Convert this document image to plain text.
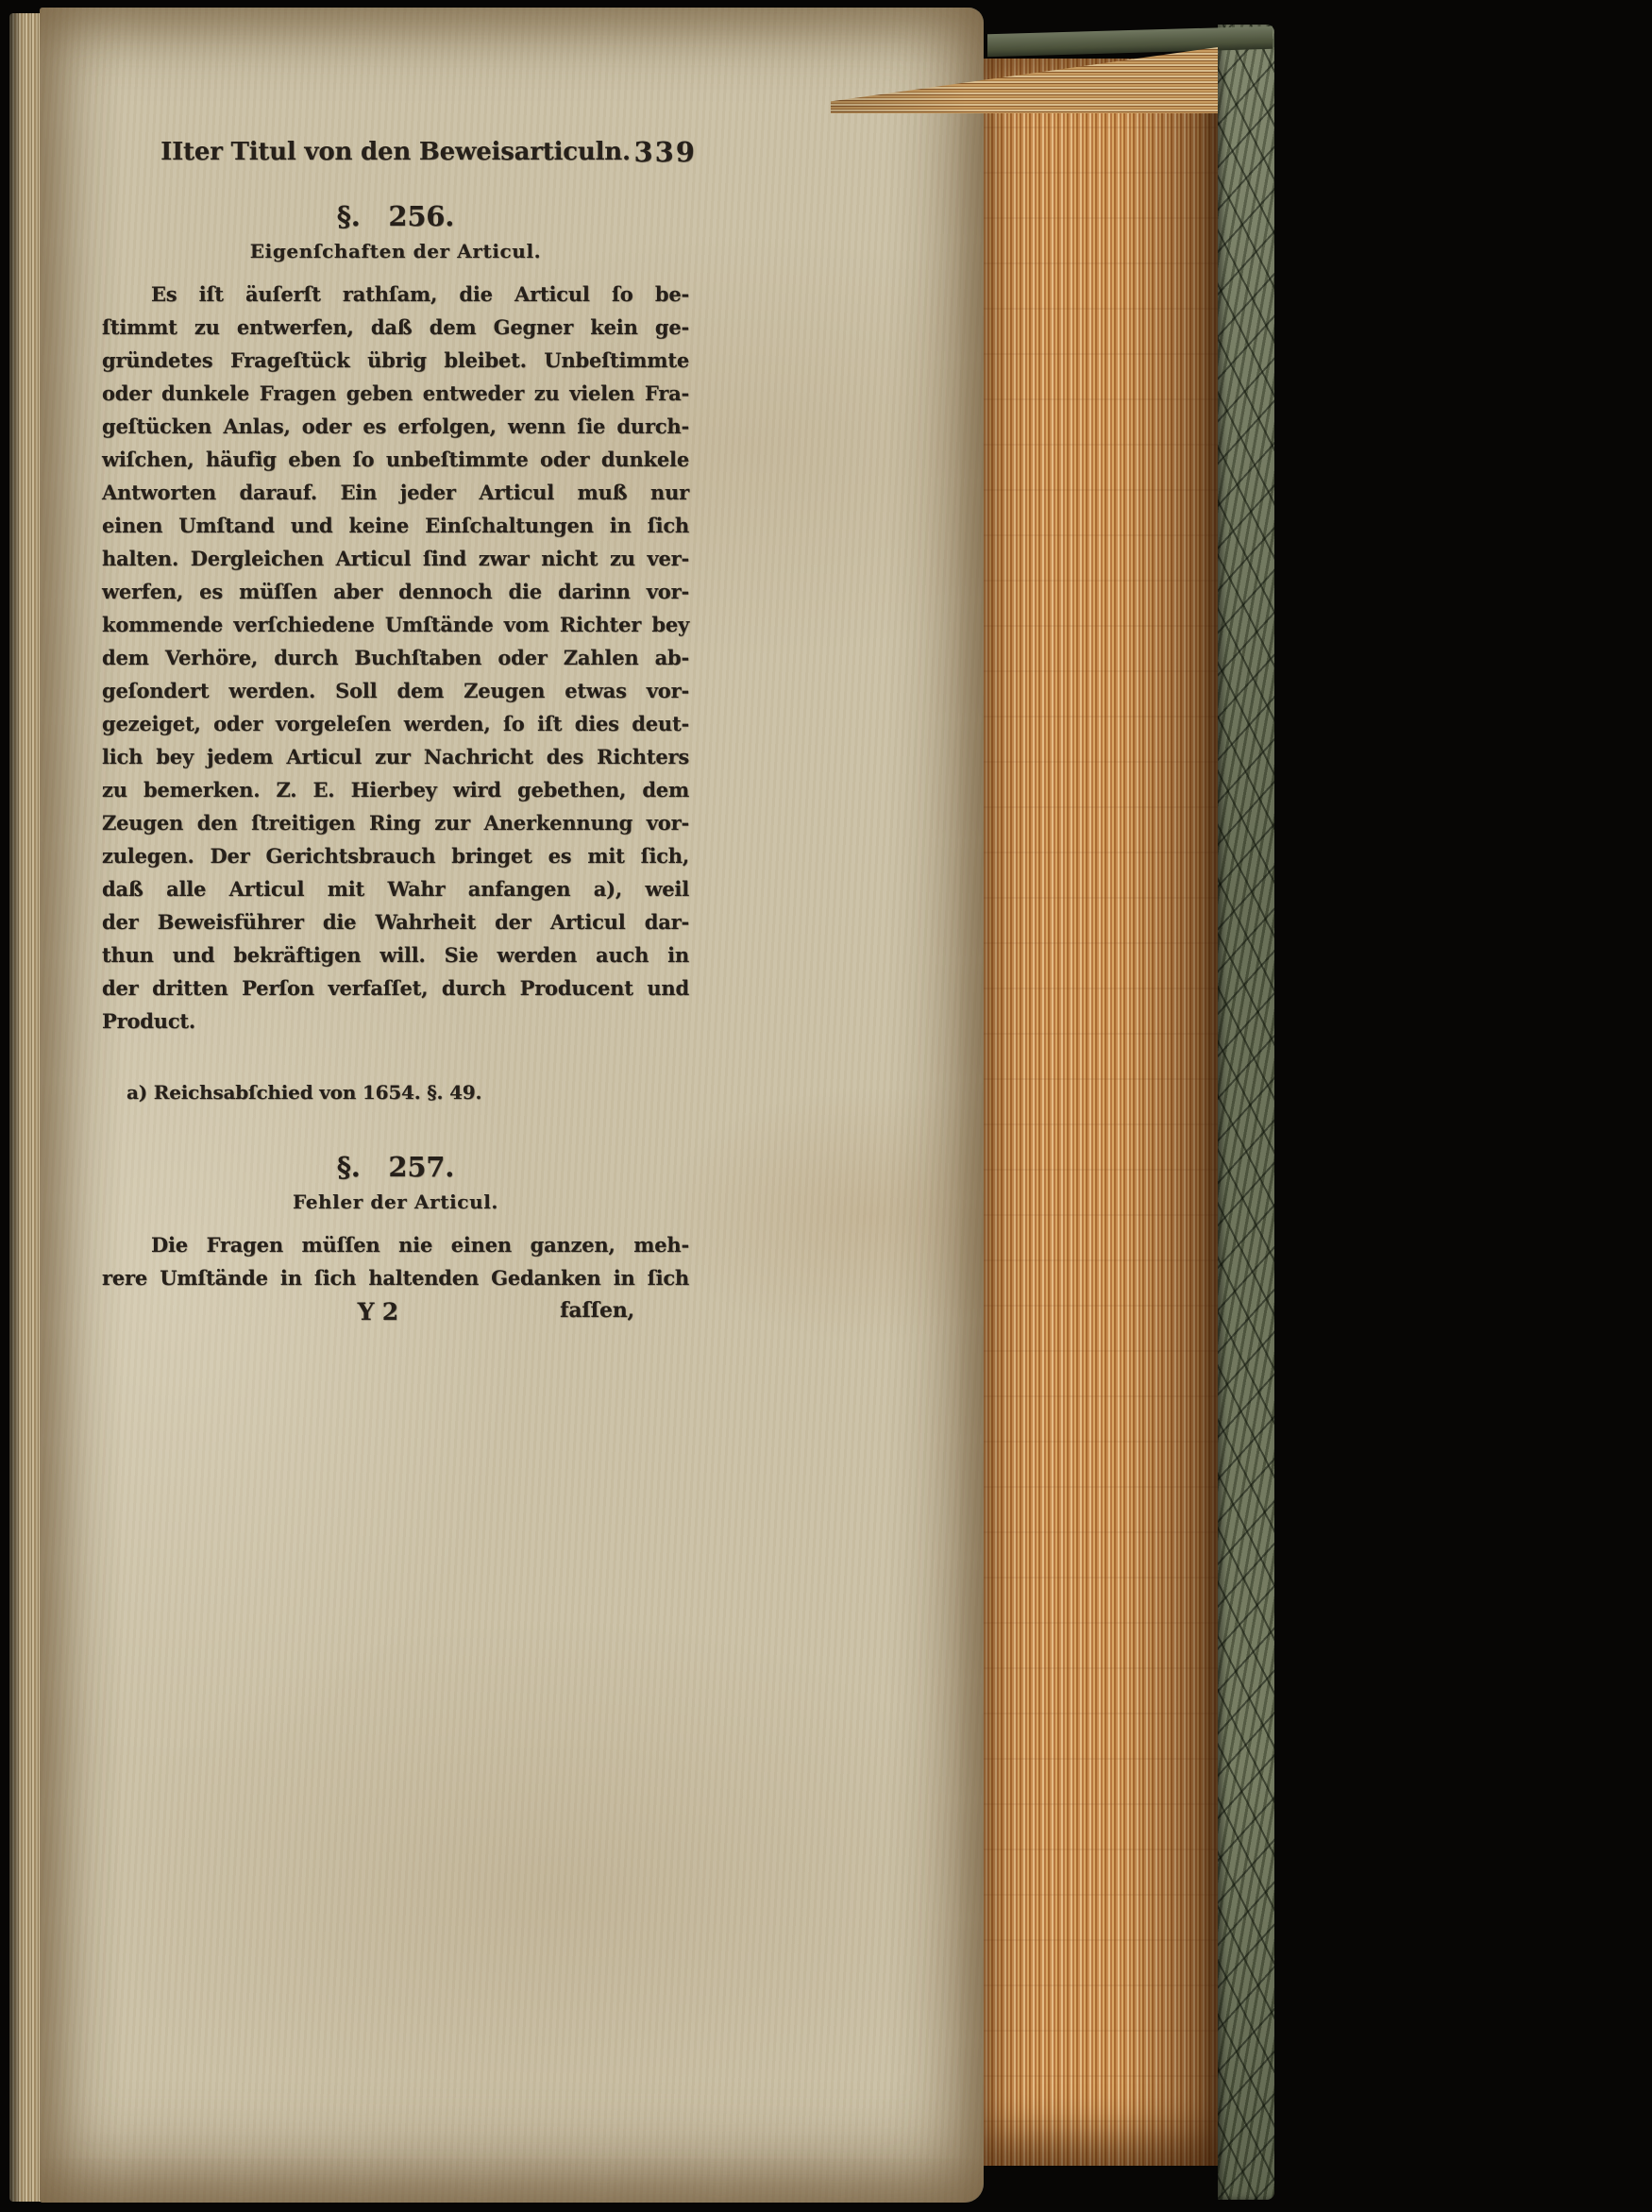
IIter Titul von den Beweisarticuln. 339
§.   256.
Eigenſchaften der Articul.
Es iſt äuſerſt rathſam, die Articul ſo be-
ſtimmt zu entwerfen, daß dem Gegner kein ge-
gründetes Frageſtück übrig bleibet. Unbeſtimmte
oder dunkele Fragen geben entweder zu vielen Fra-
geſtücken Anlas, oder es erfolgen, wenn ſie durch-
wiſchen, häufig eben ſo unbeſtimmte oder dunkele
Antworten darauf. Ein jeder Articul muß nur
einen Umſtand und keine Einſchaltungen in ſich
halten. Dergleichen Articul ſind zwar nicht zu ver-
werfen, es müſſen aber dennoch die darinn vor-
kommende verſchiedene Umſtände vom Richter bey
dem Verhöre, durch Buchſtaben oder Zahlen ab-
geſondert werden. Soll dem Zeugen etwas vor-
gezeiget, oder vorgeleſen werden, ſo iſt dies deut-
lich bey jedem Articul zur Nachricht des Richters
zu bemerken. Z. E. Hierbey wird gebethen, dem
Zeugen den ſtreitigen Ring zur Anerkennung vor-
zulegen. Der Gerichtsbrauch bringet es mit ſich,
daß alle Articul mit Wahr anfangen a), weil
der Beweisführer die Wahrheit der Articul dar-
thun und bekräftigen will. Sie werden auch in
der dritten Perſon verfaſſet, durch Producent und
Product.
a) Reichsabſchied von 1654. §. 49.
§.   257.
Fehler der Articul.
Die Fragen müſſen nie einen ganzen, meh-
rere Umſtände in ſich haltenden Gedanken in ſich
Y 2	faſſen,
